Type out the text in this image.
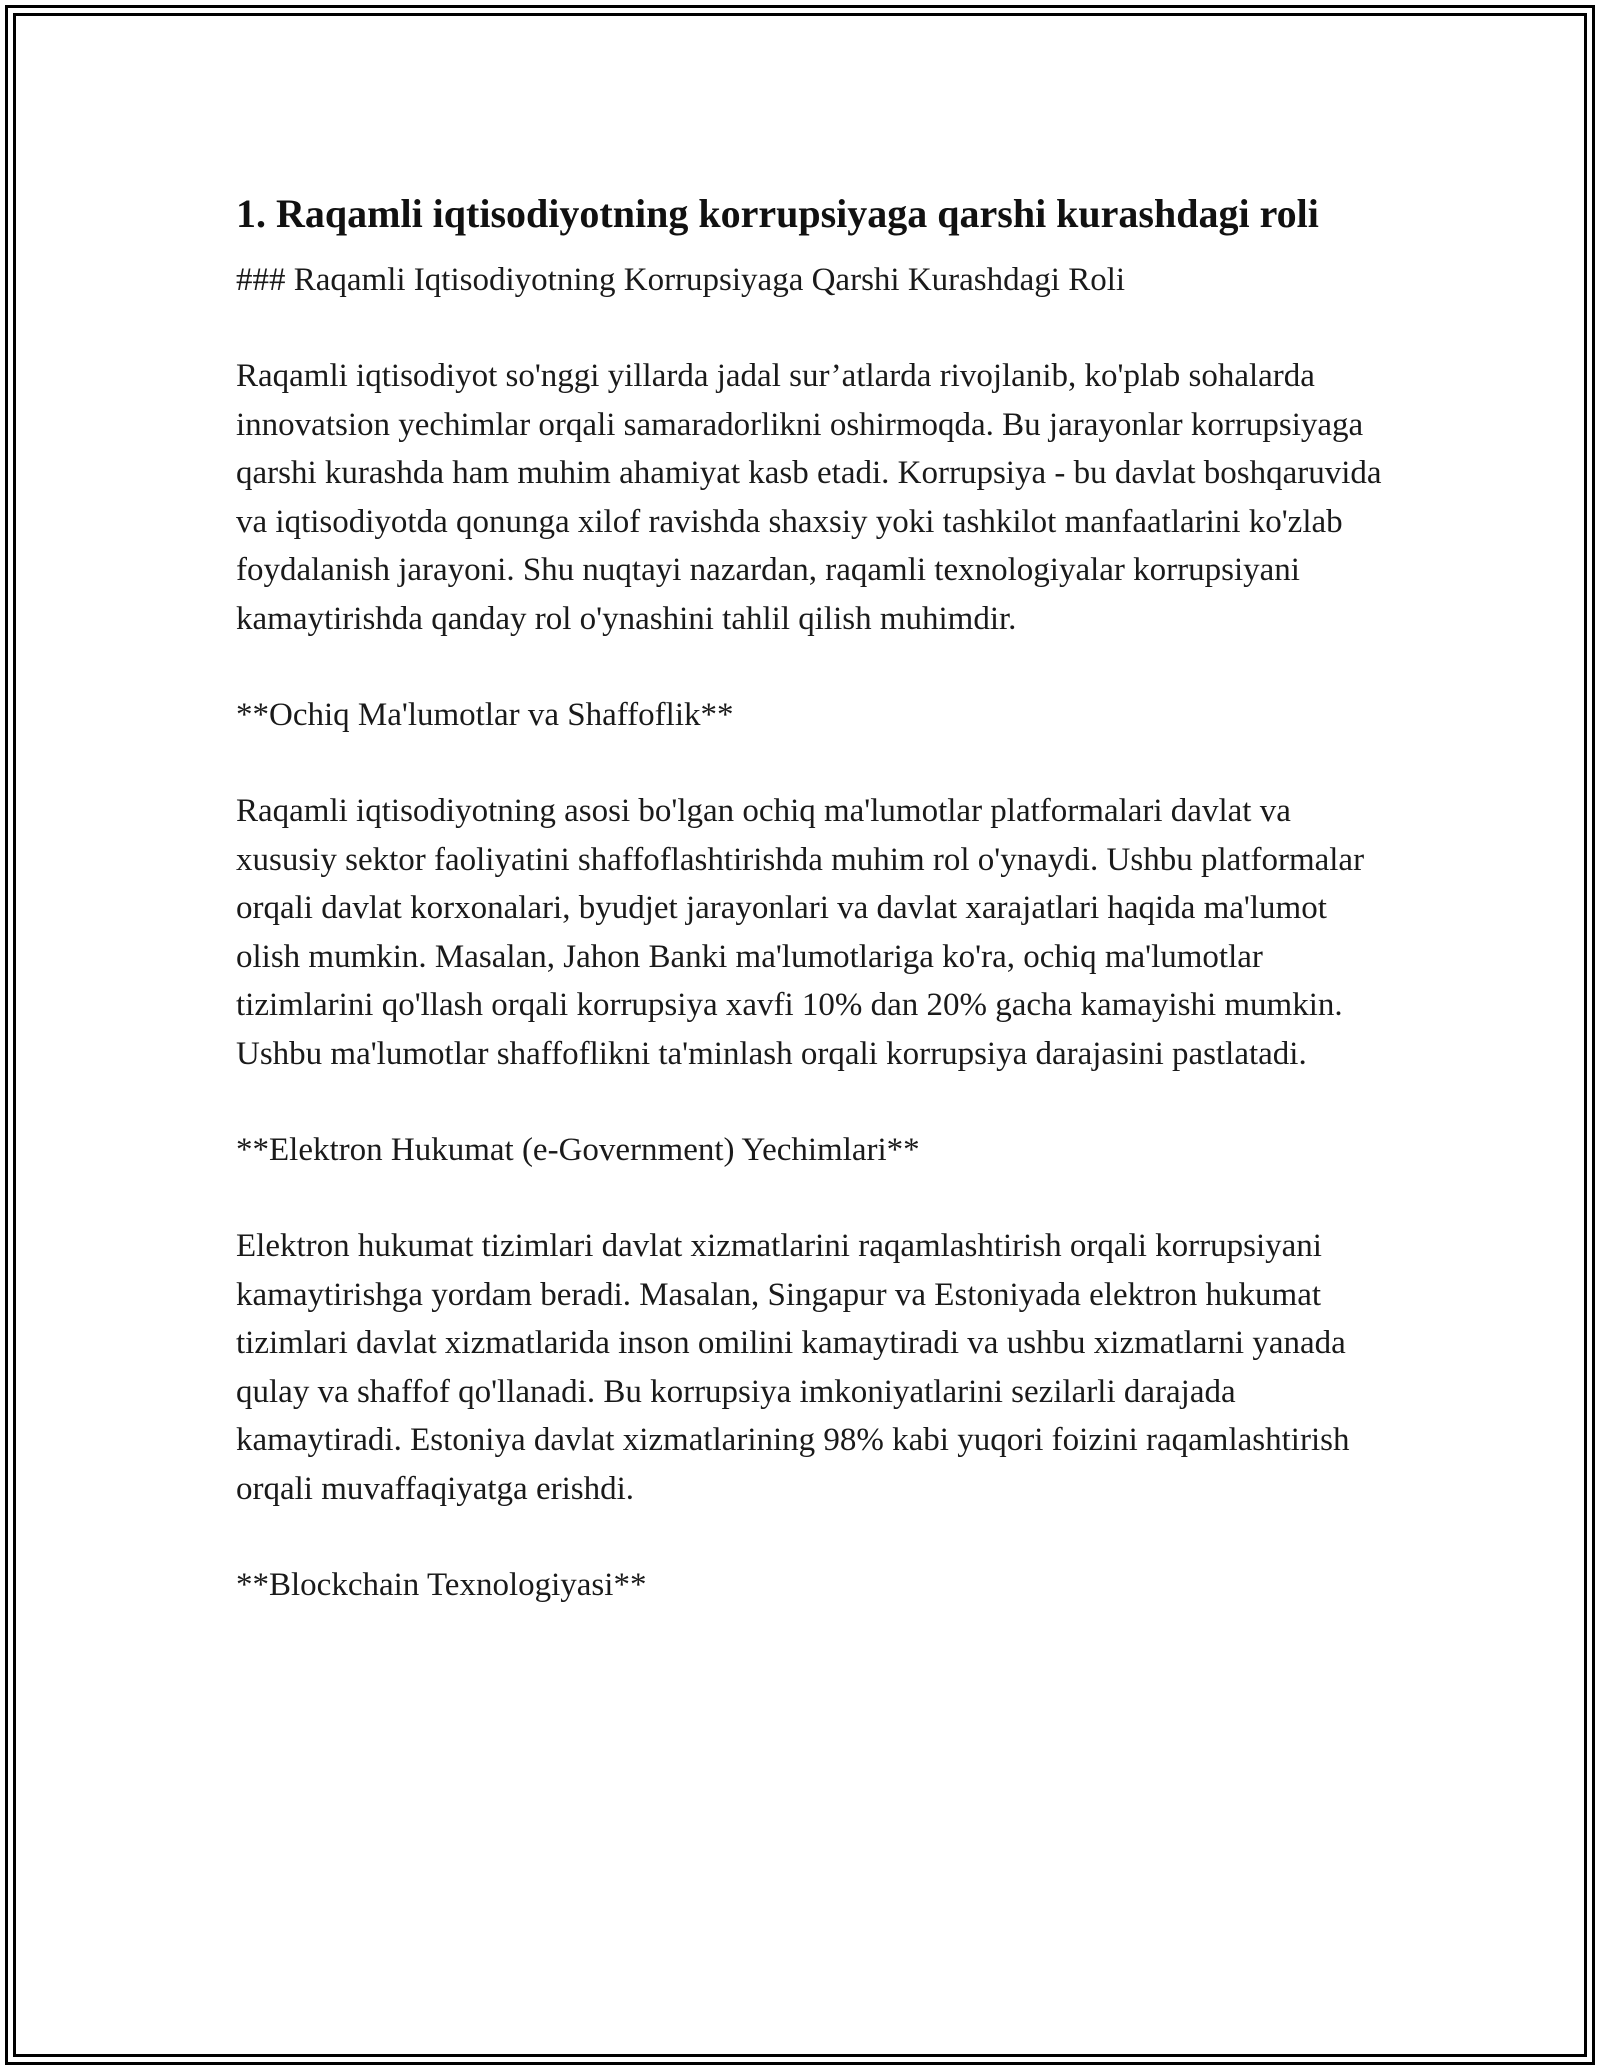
1. Raqamli iqtisodiyotning korrupsiyaga qarshi kurashdagi roli

### Raqamli Iqtisodiyotning Korrupsiyaga Qarshi Kurashdagi Roli

Raqamli iqtisodiyot so'nggi yillarda jadal sur’atlarda rivojlanib, ko'plab sohalarda innovatsion yechimlar orqali samaradorlikni oshirmoqda. Bu jarayonlar korrupsiyaga qarshi kurashda ham muhim ahamiyat kasb etadi. Korrupsiya - bu davlat boshqaruvida va iqtisodiyotda qonunga xilof ravishda shaxsiy yoki tashkilot manfaatlarini ko'zlab foydalanish jarayoni. Shu nuqtayi nazardan, raqamli texnologiyalar korrupsiyani kamaytirishda qanday rol o'ynashini tahlil qilish muhimdir.

**Ochiq Ma'lumotlar va Shaffoflik**

Raqamli iqtisodiyotning asosi bo'lgan ochiq ma'lumotlar platformalari davlat va xususiy sektor faoliyatini shaffoflashtirishda muhim rol o'ynaydi. Ushbu platformalar orqali davlat korxonalari, byudjet jarayonlari va davlat xarajatlari haqida ma'lumot olish mumkin. Masalan, Jahon Banki ma'lumotlariga ko'ra, ochiq ma'lumotlar tizimlarini qo'llash orqali korrupsiya xavfi 10% dan 20% gacha kamayishi mumkin. Ushbu ma'lumotlar shaffoflikni ta'minlash orqali korrupsiya darajasini pastlatadi.

**Elektron Hukumat (e-Government) Yechimlari**

Elektron hukumat tizimlari davlat xizmatlarini raqamlashtirish orqali korrupsiyani kamaytirishga yordam beradi. Masalan, Singapur va Estoniyada elektron hukumat tizimlari davlat xizmatlarida inson omilini kamaytiradi va ushbu xizmatlarni yanada qulay va shaffof qo'llanadi. Bu korrupsiya imkoniyatlarini sezilarli darajada kamaytiradi. Estoniya davlat xizmatlarining 98% kabi yuqori foizini raqamlashtirish orqali muvaffaqiyatga erishdi.

**Blockchain Texnologiyasi**
